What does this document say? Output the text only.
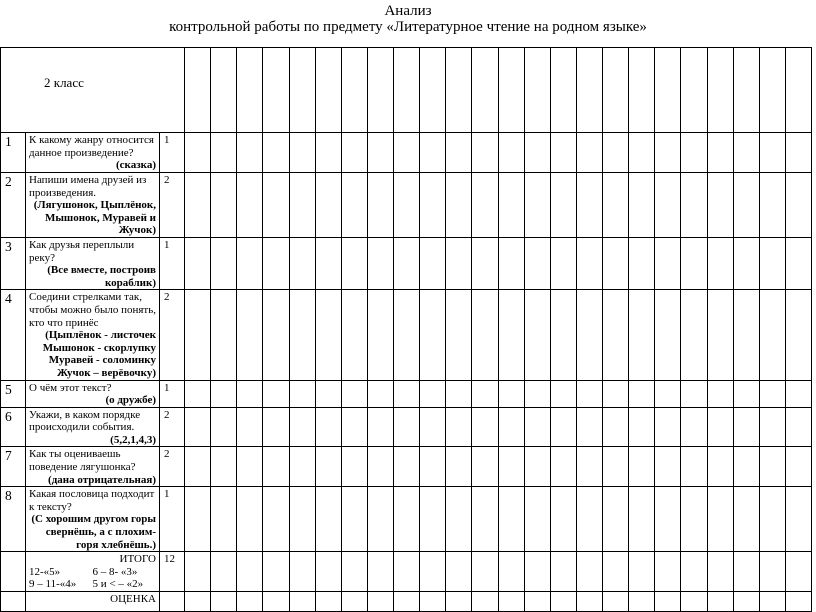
Анализ
контрольной работы по предмету «Литературное чтение на родном языке»
2 класс																										

1	К какому жанру относится данное произведение?
(сказка)	1																								
2	Напиши имена друзей из произведения.
(Лягушонок, Цыплёнок, Мышонок, Муравей и Жучок)	2																								
3	Как друзья переплыли реку?
(Все вместе, построив кораблик)	1																								
4	Соедини стрелками так, чтобы можно было понять, кто что принёс
(Цыплёнок - листочек Мышонок - скорлупку Муравей - соломинку Жучок – верёвочку)	2																								
5	О чём этот текст?
(о дружбе)	1																								
6	Укажи, в каком порядке происходили события.
(5,2,1,4,3)	2																								
7	Как ты оцениваешь поведение лягушонка?
(дана отрицательная)	2																								
8	Какая пословица подходит к тексту?
(С хорошим другом горы свернёшь, а с плохим- горя хлебнёшь.)	1																								

	ИТОГО
12-«5» 6 – 8- «3»
9 – 11-«4» 5 и < – «2»	12																								
	ОЦЕНКА																									
